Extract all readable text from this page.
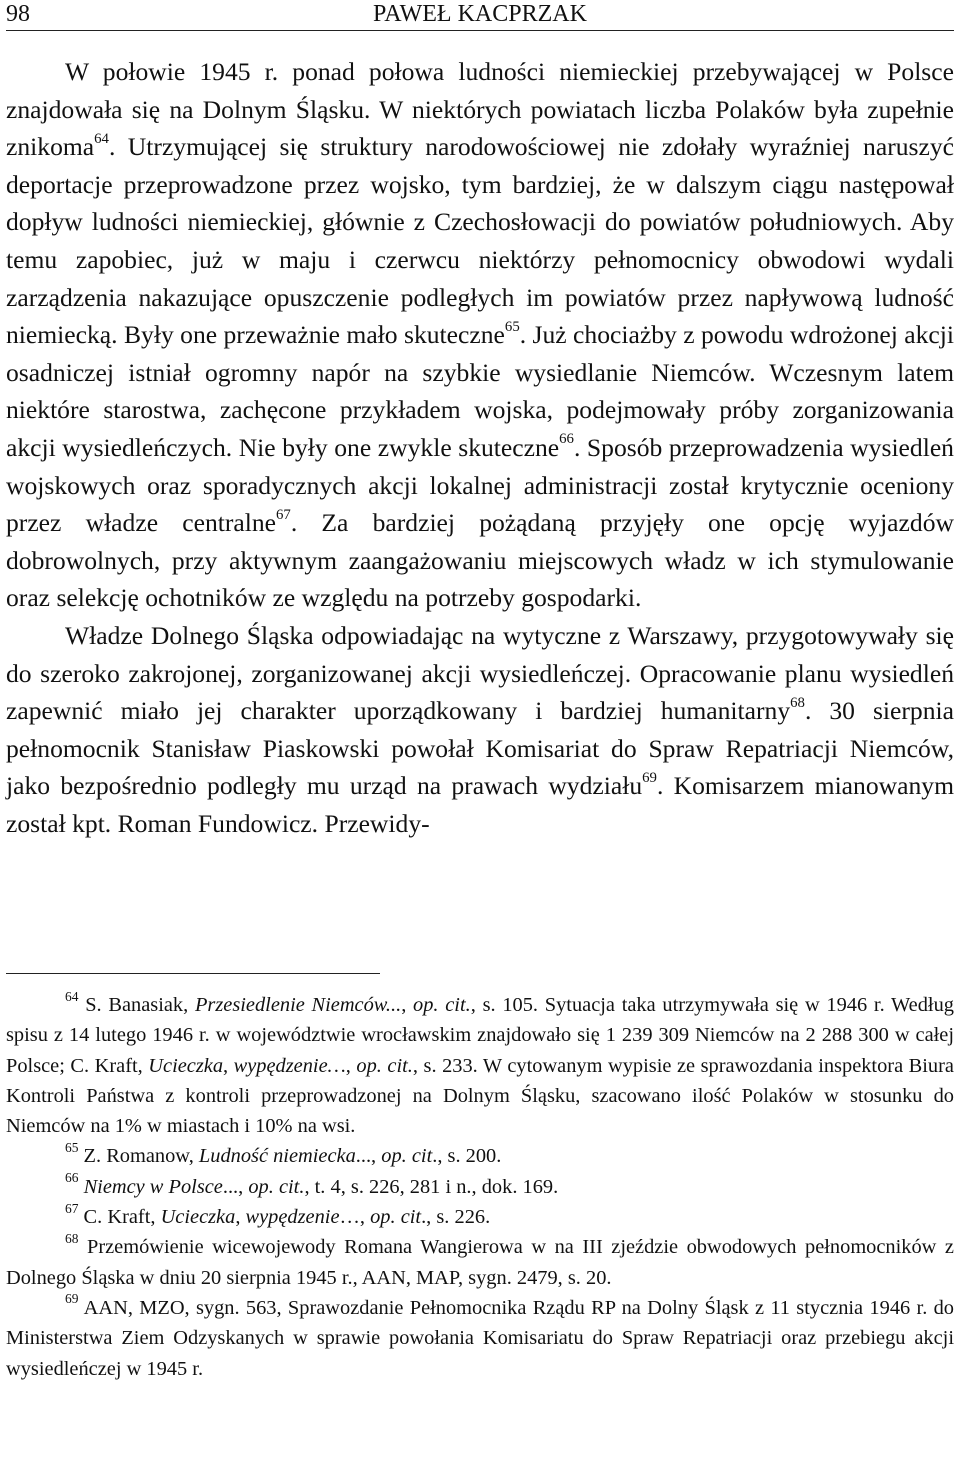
98	PAWEŁ KACPRZAK

W połowie 1945 r. ponad połowa ludności niemieckiej przebywającej w Polsce znajdowała się na Dolnym Śląsku. W niektórych powiatach liczba Polaków była zupełnie znikoma$^{64}$. Utrzymującej się struktury narodowościowej nie zdołały wyraźniej naruszyć deportacje przeprowadzone przez wojsko, tym bardziej, że w dalszym ciągu następował dopływ ludności niemieckiej, głównie z Czechosłowacji do powiatów południowych. Aby temu zapobiec, już w maju i czerwcu niektórzy pełnomocnicy obwodowi wydali zarządzenia nakazujące opuszczenie podległych im powiatów przez napływową ludność niemiecką. Były one przeważnie mało skuteczne$^{65}$. Już chociażby z powodu wdrożonej akcji osadniczej istniał ogromny napór na szybkie wysiedlanie Niemców. Wczesnym latem niektóre starostwa, zachęcone przykładem wojska, podejmowały próby zorganizowania akcji wysiedleńczych. Nie były one zwykle skuteczne$^{66}$. Sposób przeprowadzenia wysiedleń wojskowych oraz sporadycznych akcji lokalnej administracji został krytycznie oceniony przez władze centralne$^{67}$. Za bardziej pożądaną przyjęły one opcję wyjazdów dobrowolnych, przy aktywnym zaangażowaniu miejscowych władz w ich stymulowanie oraz selekcję ochotników ze względu na potrzeby gospodarki.

Władze Dolnego Śląska odpowiadając na wytyczne z Warszawy, przygotowywały się do szeroko zakrojonej, zorganizowanej akcji wysiedleńczej. Opracowanie planu wysiedleń zapewnić miało jej charakter uporządkowany i bardziej humanitarny$^{68}$. 30 sierpnia pełnomocnik Stanisław Piaskowski powołał Komisariat do Spraw Repatriacji Niemców, jako bezpośrednio podległy mu urząd na prawach wydziału$^{69}$. Komisarzem mianowanym został kpt. Roman Fundowicz. Przewidy-

$^{64}$ S. Banasiak, Przesiedlenie Niemców..., op. cit., s. 105. Sytuacja taka utrzymywała się w 1946 r. Według spisu z 14 lutego 1946 r. w województwie wrocławskim znajdowało się 1 239 309 Niemców na 2 288 300 w całej Polsce; C. Kraft, Ucieczka, wypędzenie…, op. cit., s. 233. W cytowanym wypisie ze sprawozdania inspektora Biura Kontroli Państwa z kontroli przeprowadzonej na Dolnym Śląsku, szacowano ilość Polaków w stosunku do Niemców na 1% w miastach i 10% na wsi.

$^{65}$ Z. Romanow, Ludność niemiecka..., op. cit., s. 200.

$^{66}$ Niemcy w Polsce..., op. cit., t. 4, s. 226, 281 i n., dok. 169.

$^{67}$ C. Kraft, Ucieczka, wypędzenie…, op. cit., s. 226.

$^{68}$ Przemówienie wicewojewody Romana Wangierowa w na III zjeździe obwodowych pełnomocników z Dolnego Śląska w dniu 20 sierpnia 1945 r., AAN, MAP, sygn. 2479, s. 20.

$^{69}$ AAN, MZO, sygn. 563, Sprawozdanie Pełnomocnika Rządu RP na Dolny Śląsk z 11 stycznia 1946 r. do Ministerstwa Ziem Odzyskanych w sprawie powołania Komisariatu do Spraw Repatriacji oraz przebiegu akcji wysiedleńczej w 1945 r.
